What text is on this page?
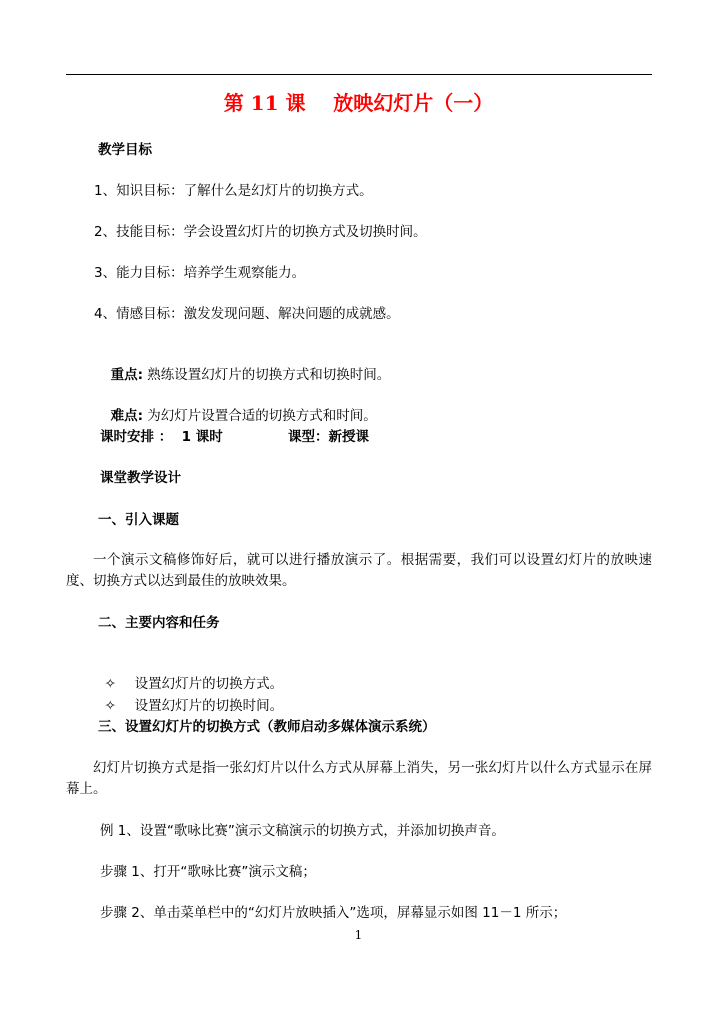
第 11 课    放映幻灯片（一）
教学目标
1、知识目标：了解什么是幻灯片的切换方式。
2、技能目标：学会设置幻灯片的切换方式及切换时间。
3、能力目标：培养学生观察能力。
4、情感目标：激发发现问题、解决问题的成就感。

重点: 熟练设置幻灯片的切换方式和切换时间。

难点: 为幻灯片设置合适的切换方式和时间。

课时安排 ：  1 课时	课型：新授课
课堂教学设计
一、引入课题
一个演示文稿修饰好后，就可以进行播放演示了。根据需要，我们可以设置幻灯片的放映速度、切换方式以达到最佳的放映效果。
二、主要内容和任务

✧ 设置幻灯片的切换方式。

✧ 设置幻灯片的切换时间。

三、设置幻灯片的切换方式（教师启动多媒体演示系统）
幻灯片切换方式是指一张幻灯片以什么方式从屏幕上消失，另一张幻灯片以什么方式显示在屏幕上。
例 1、设置“歌咏比赛”演示文稿演示的切换方式，并添加切换声音。
步骤 1、打开“歌咏比赛”演示文稿；
步骤 2、单击菜单栏中的“幻灯片放映插入”选项，屏幕显示如图 11－1 所示；
1
